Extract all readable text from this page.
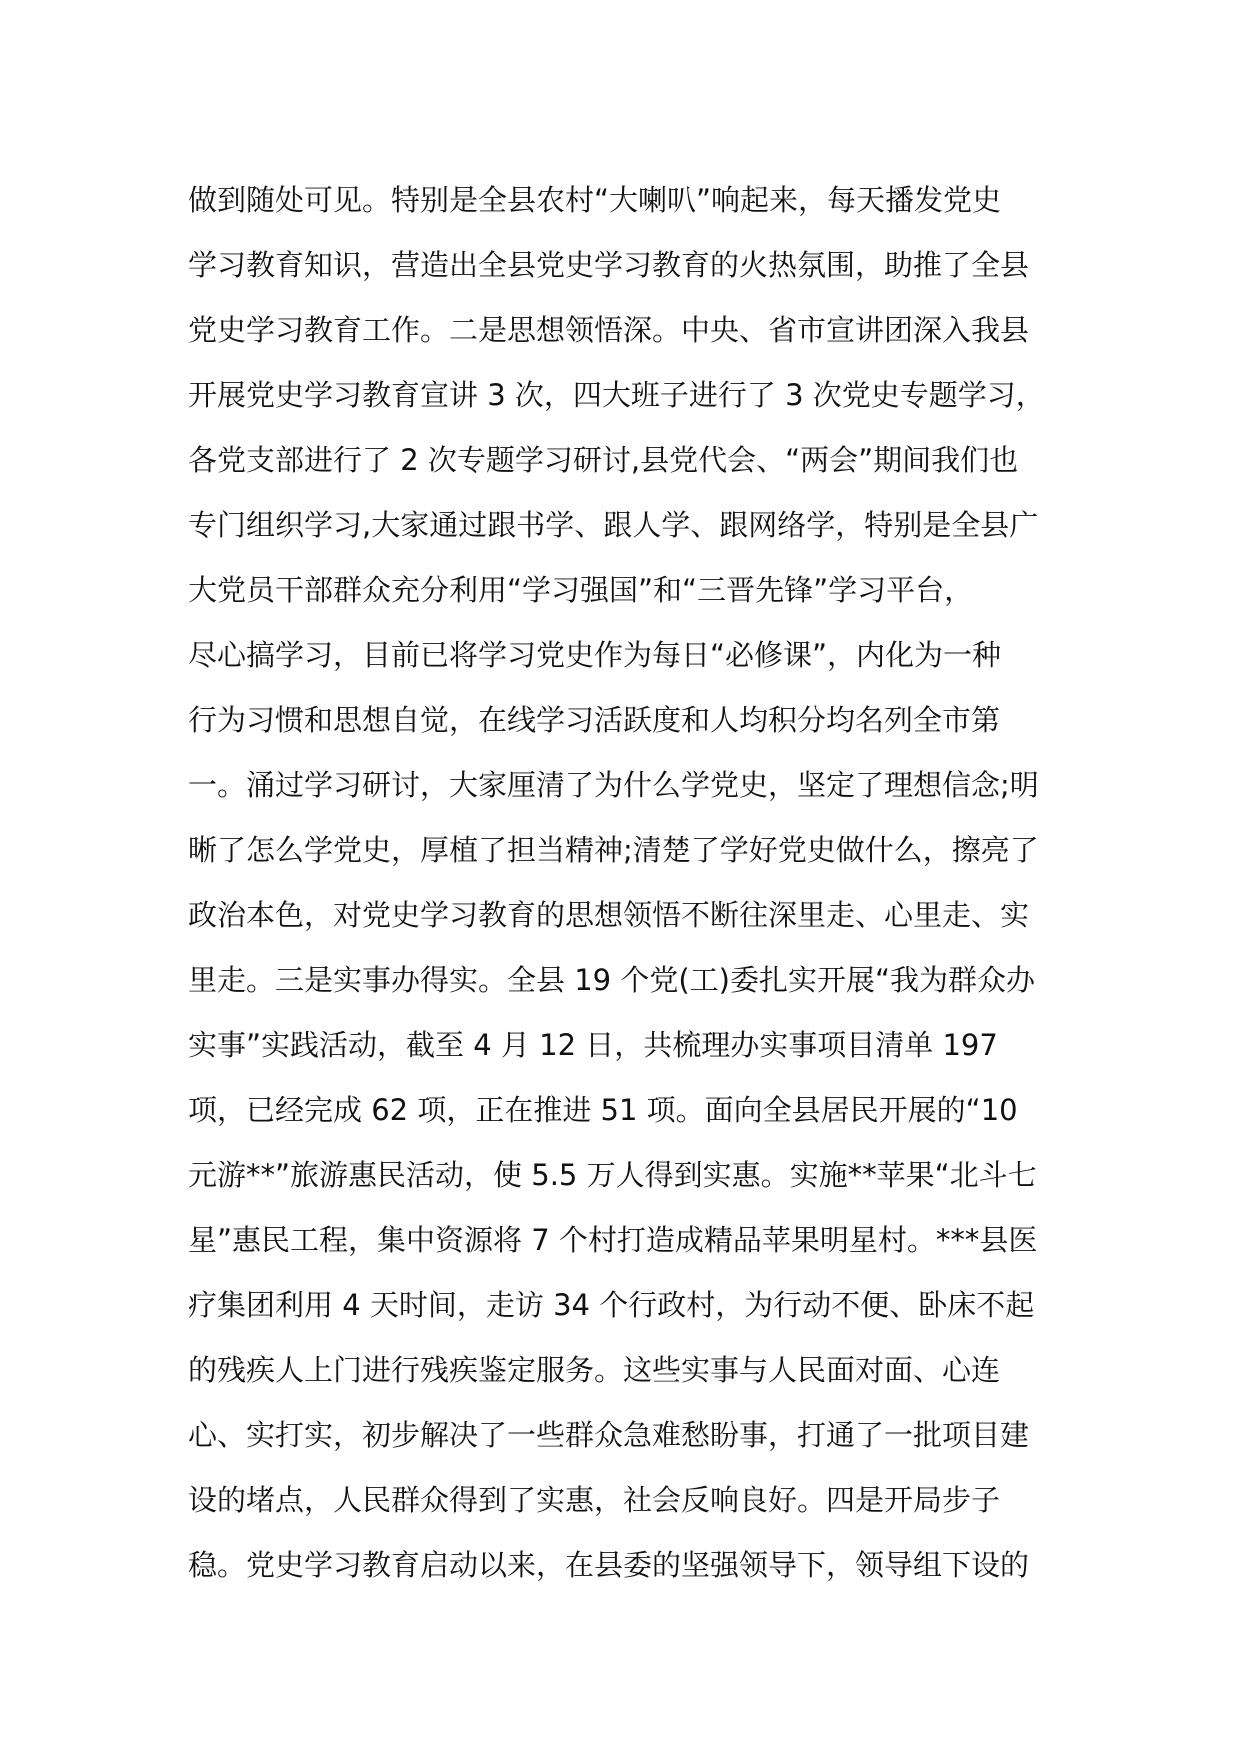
做到随处可见。特别是全县农村“大喇叭”响起来，每天播发党史
学习教育知识，营造出全县党史学习教育的火热氛围，助推了全县
党史学习教育工作。二是思想领悟深。中央、省市宣讲团深入我县
开展党史学习教育宣讲 3 次，四大班子进行了 3 次党史专题学习，
各党支部进行了 2 次专题学习研讨,县党代会、“两会”期间我们也
专门组织学习,大家通过跟书学、跟人学、跟网络学，特别是全县广
大党员干部群众充分利用“学习强国”和“三晋先锋”学习平台，
尽心搞学习，目前已将学习党史作为每日“必修课”，内化为一种
行为习惯和思想自觉，在线学习活跃度和人均积分均名列全市第
一。涌过学习研讨，大家厘清了为什么学党史，坚定了理想信念;明
晰了怎么学党史，厚植了担当精神;清楚了学好党史做什么，擦亮了
政治本色，对党史学习教育的思想领悟不断往深里走、心里走、实
里走。三是实事办得实。全县 19 个党(工)委扎实开展“我为群众办
实事”实践活动，截至 4 月 12 日，共梳理办实事项目清单 197
项，已经完成 62 项，正在推进 51 项。面向全县居民开展的“10
元游**”旅游惠民活动，使 5.5 万人得到实惠。实施**苹果“北斗七
星”惠民工程，集中资源将 7 个村打造成精品苹果明星村。***县医
疗集团利用 4 天时间，走访 34 个行政村，为行动不便、卧床不起
的残疾人上门进行残疾鉴定服务。这些实事与人民面对面、心连
心、实打实，初步解决了一些群众急难愁盼事，打通了一批项目建
设的堵点，人民群众得到了实惠，社会反响良好。四是开局步子
稳。党史学习教育启动以来，在县委的坚强领导下，领导组下设的
